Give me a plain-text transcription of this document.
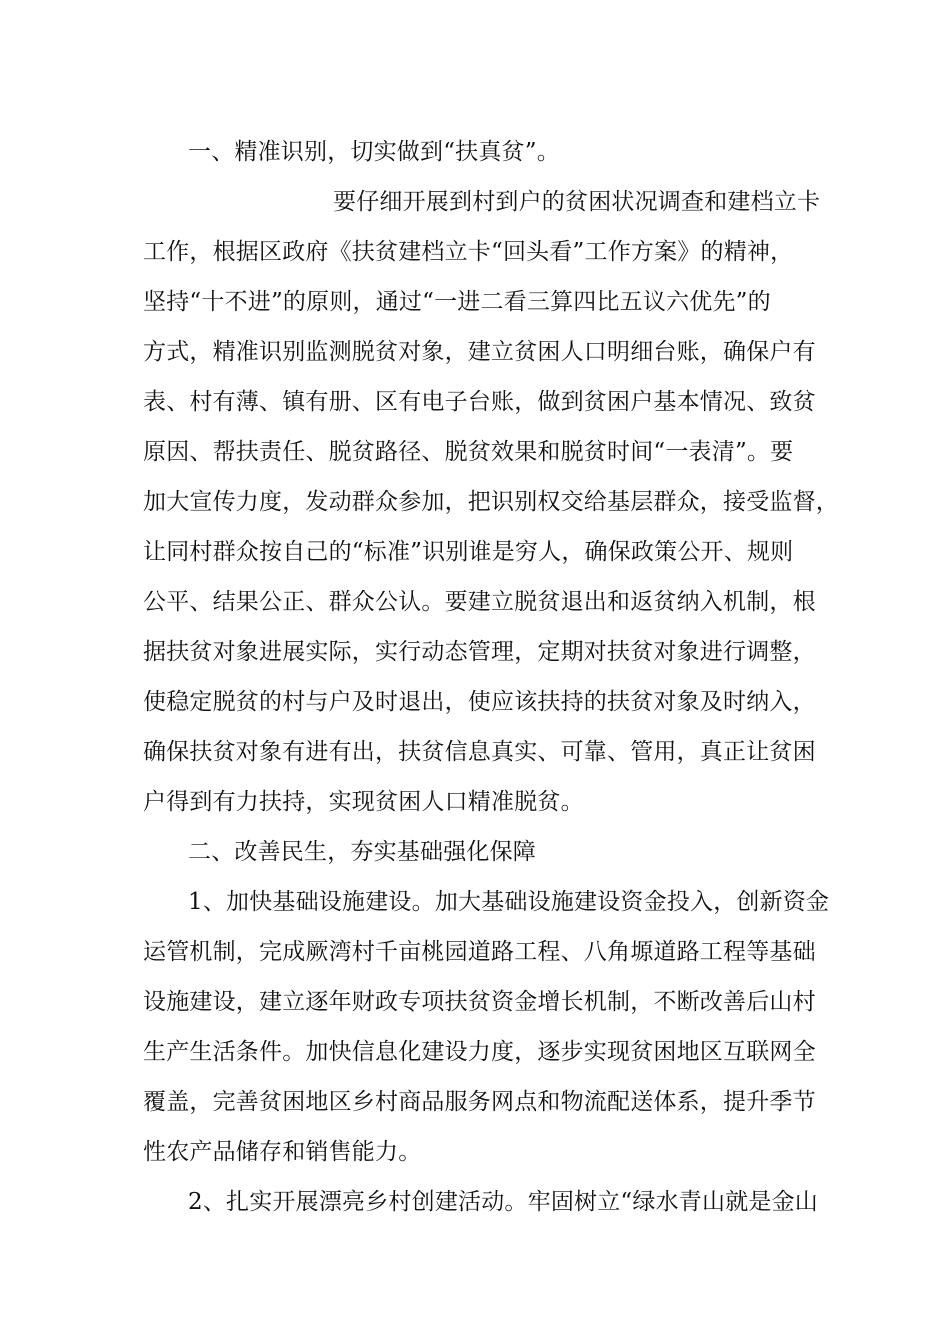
一、精准识别，切实做到“扶真贫”。
要仔细开展到村到户的贫困状况调查和建档立卡
工作，根据区政府《扶贫建档立卡“回头看”工作方案》的精神，
坚持“十不进”的原则，通过“一进二看三算四比五议六优先”的
方式，精准识别监测脱贫对象，建立贫困人口明细台账，确保户有
表、村有薄、镇有册、区有电子台账，做到贫困户基本情况、致贫
原因、帮扶责任、脱贫路径、脱贫效果和脱贫时间“一表清”。要
加大宣传力度，发动群众参加，把识别权交给基层群众，接受监督，
让同村群众按自己的“标准”识别谁是穷人，确保政策公开、规则
公平、结果公正、群众公认。要建立脱贫退出和返贫纳入机制，根
据扶贫对象进展实际，实行动态管理，定期对扶贫对象进行调整，
使稳定脱贫的村与户及时退出，使应该扶持的扶贫对象及时纳入，
确保扶贫对象有进有出，扶贫信息真实、可靠、管用，真正让贫困
户得到有力扶持，实现贫困人口精准脱贫。
二、改善民生，夯实基础强化保障
1、加快基础设施建设。加大基础设施建设资金投入，创新资金
运管机制，完成厥湾村千亩桃园道路工程、八角塬道路工程等基础
设施建设，建立逐年财政专项扶贫资金增长机制，不断改善后山村
生产生活条件。加快信息化建设力度，逐步实现贫困地区互联网全
覆盖，完善贫困地区乡村商品服务网点和物流配送体系，提升季节
性农产品储存和销售能力。
2、扎实开展漂亮乡村创建活动。牢固树立“绿水青山就是金山
